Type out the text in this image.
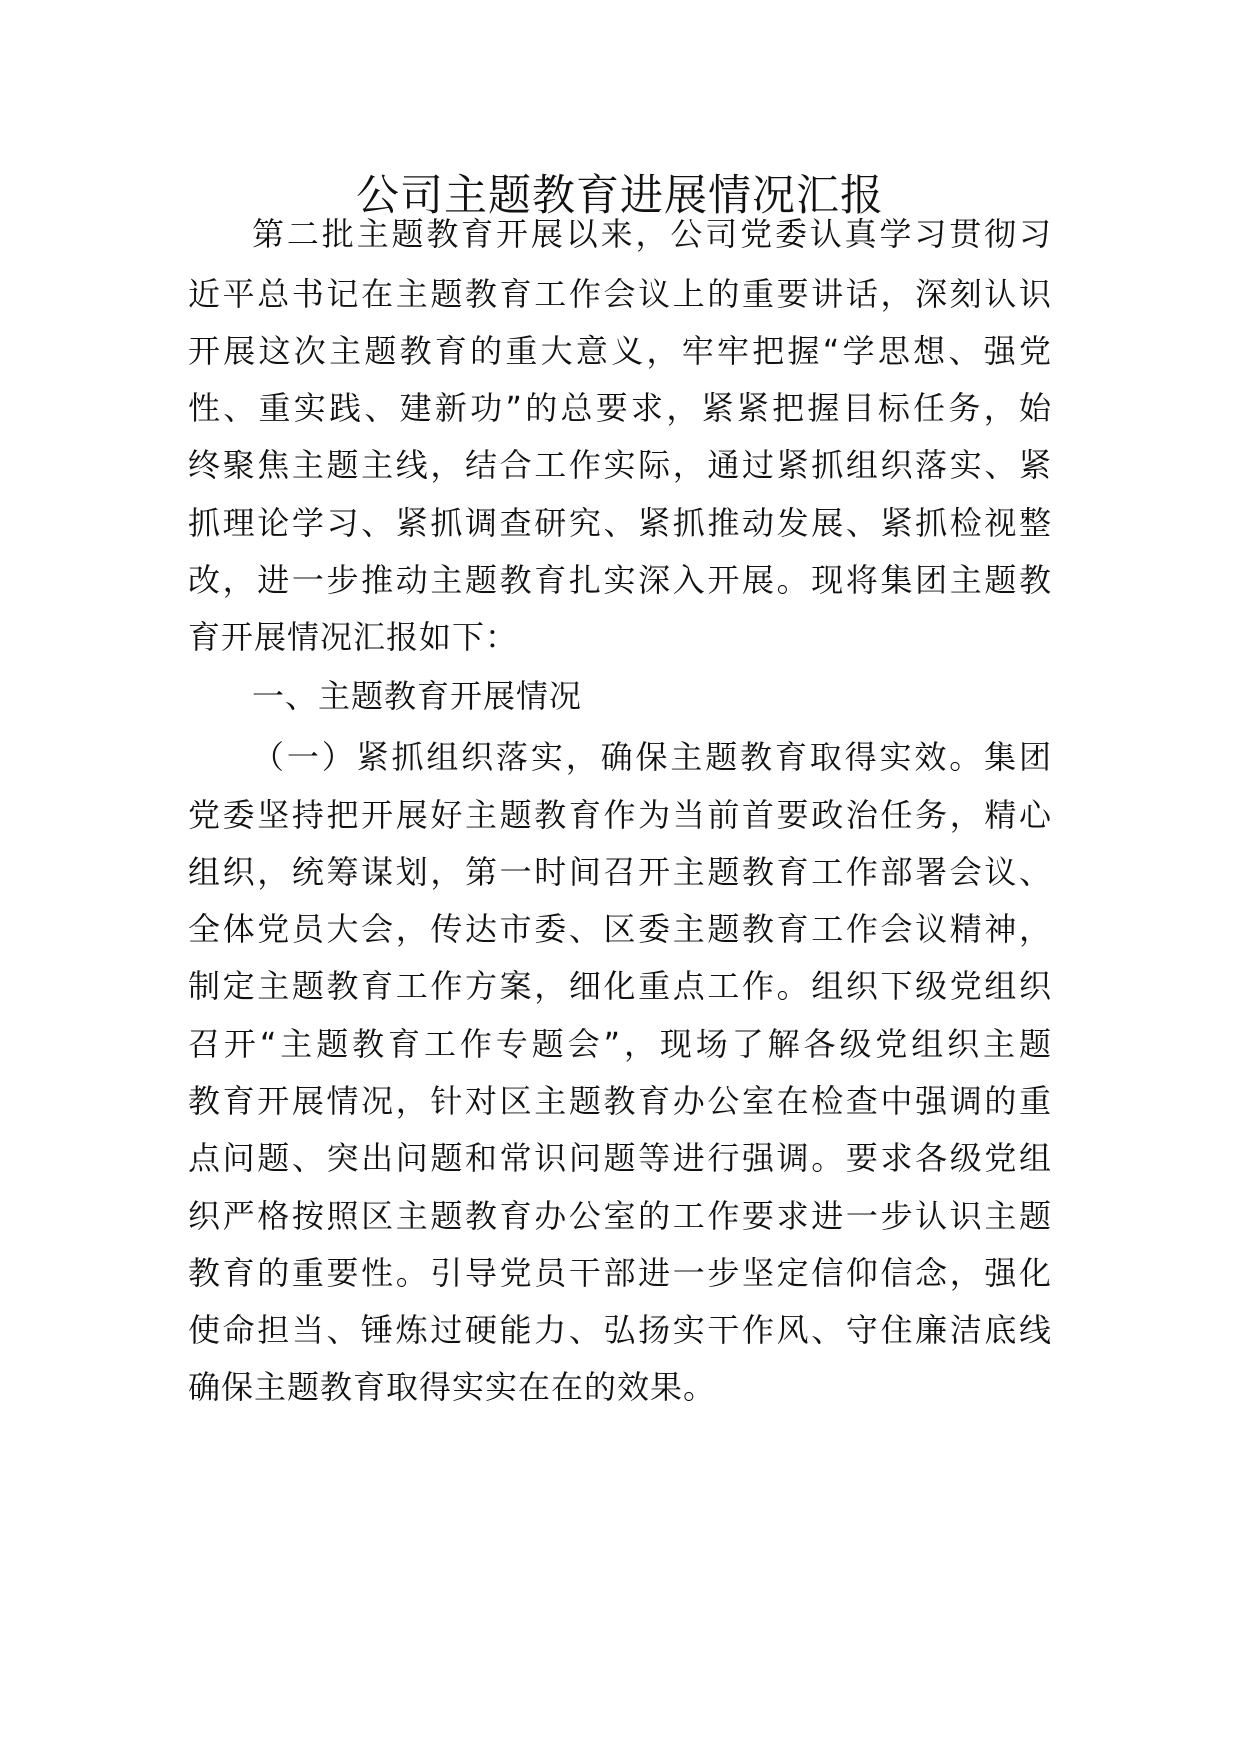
公司主题教育进展情况汇报
第二批主题教育开展以来，公司党委认真学习贯彻习
近平总书记在主题教育工作会议上的重要讲话，深刻认识
开展这次主题教育的重大意义，牢牢把握“学思想、强党
性、重实践、建新功”的总要求，紧紧把握目标任务，始
终聚焦主题主线，结合工作实际，通过紧抓组织落实、紧
抓理论学习、紧抓调查研究、紧抓推动发展、紧抓检视整
改，进一步推动主题教育扎实深入开展。现将集团主题教
育开展情况汇报如下：
一、主题教育开展情况
（一）紧抓组织落实，确保主题教育取得实效。集团
党委坚持把开展好主题教育作为当前首要政治任务，精心
组织，统筹谋划，第一时间召开主题教育工作部署会议、
全体党员大会，传达市委、区委主题教育工作会议精神，
制定主题教育工作方案，细化重点工作。组织下级党组织
召开“主题教育工作专题会”，现场了解各级党组织主题
教育开展情况，针对区主题教育办公室在检查中强调的重
点问题、突出问题和常识问题等进行强调。要求各级党组
织严格按照区主题教育办公室的工作要求进一步认识主题
教育的重要性。引导党员干部进一步坚定信仰信念，强化
使命担当、锤炼过硬能力、弘扬实干作风、守住廉洁底线
确保主题教育取得实实在在的效果。
